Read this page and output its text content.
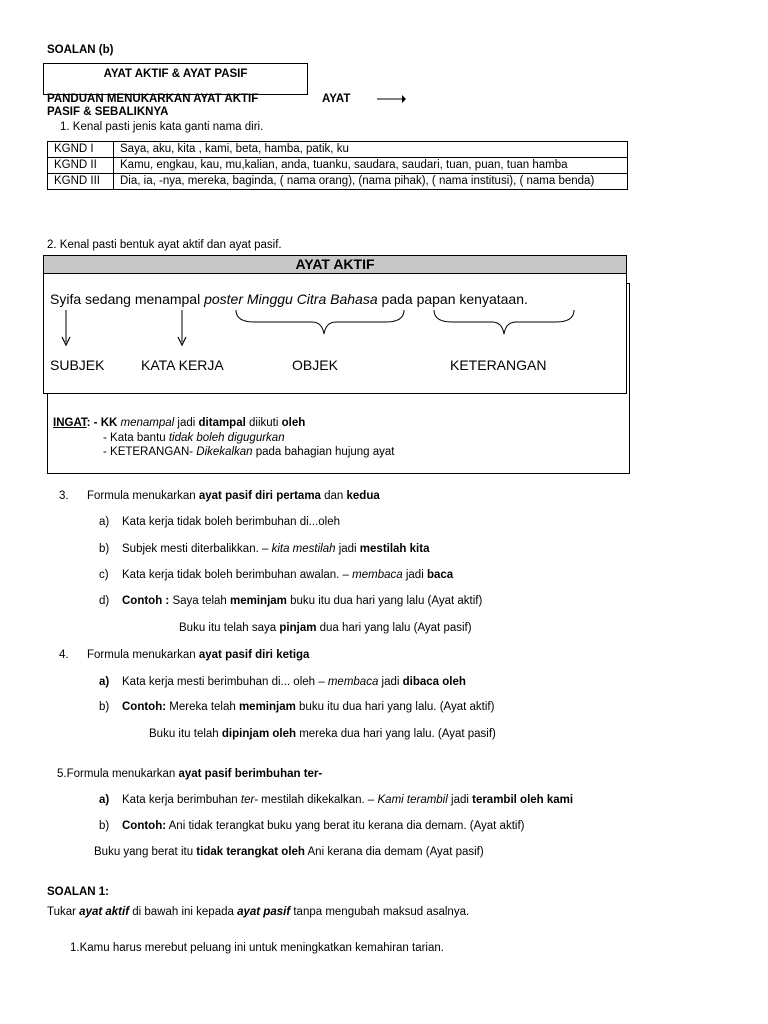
SOALAN (b)
AYAT AKTIF & AYAT PASIF
PANDUAN MENUKARKAN AYAT AKTIF	AYAT
PASIF & SEBALIKNYA
1. Kenal pasti jenis kata ganti nama diri.
KGND I	Saya, aku, kita , kami, beta, hamba, patik, ku
KGND II	Kamu, engkau, kau, mu,kalian, anda, tuanku, saudara, saudari, tuan, puan, tuan hamba
KGND III	Dia, ia, -nya, mereka, baginda, ( nama orang), (nama pihak), ( nama institusi), ( nama benda)
2. Kenal pasti bentuk ayat aktif dan ayat pasif.
AYAT AKTIF
Syifa sedang menampal poster Minggu Citra Bahasa pada papan kenyataan.
SUBJEK	KATA KERJA	OBJEK	KETERANGAN
INGAT: - KK menampal jadi ditampal diikuti oleh
- Kata bantu tidak boleh digugurkan
- KETERANGAN- Dikekalkan pada bahagian hujung ayat
3. Formula menukarkan ayat pasif diri pertama dan kedua
a) Kata kerja tidak boleh berimbuhan di...oleh
b) Subjek mesti diterbalikkan. – kita mestilah jadi mestilah kita
c) Kata kerja tidak boleh berimbuhan awalan. – membaca jadi baca
d) Contoh : Saya telah meminjam buku itu dua hari yang lalu (Ayat aktif)
Buku itu telah saya pinjam dua hari yang lalu (Ayat pasif)
4. Formula menukarkan ayat pasif diri ketiga
a) Kata kerja mesti berimbuhan di... oleh – membaca jadi dibaca oleh
b) Contoh: Mereka telah meminjam buku itu dua hari yang lalu. (Ayat aktif)
Buku itu telah dipinjam oleh mereka dua hari yang lalu. (Ayat pasif)
5.Formula menukarkan ayat pasif berimbuhan ter-
a) Kata kerja berimbuhan ter- mestilah dikekalkan. – Kami terambil jadi terambil oleh kami
b) Contoh: Ani tidak terangkat buku yang berat itu kerana dia demam. (Ayat aktif)
Buku yang berat itu tidak terangkat oleh Ani kerana dia demam (Ayat pasif)
SOALAN 1:
Tukar ayat aktif di bawah ini kepada ayat pasif tanpa mengubah maksud asalnya.
1.Kamu harus merebut peluang ini untuk meningkatkan kemahiran tarian.
